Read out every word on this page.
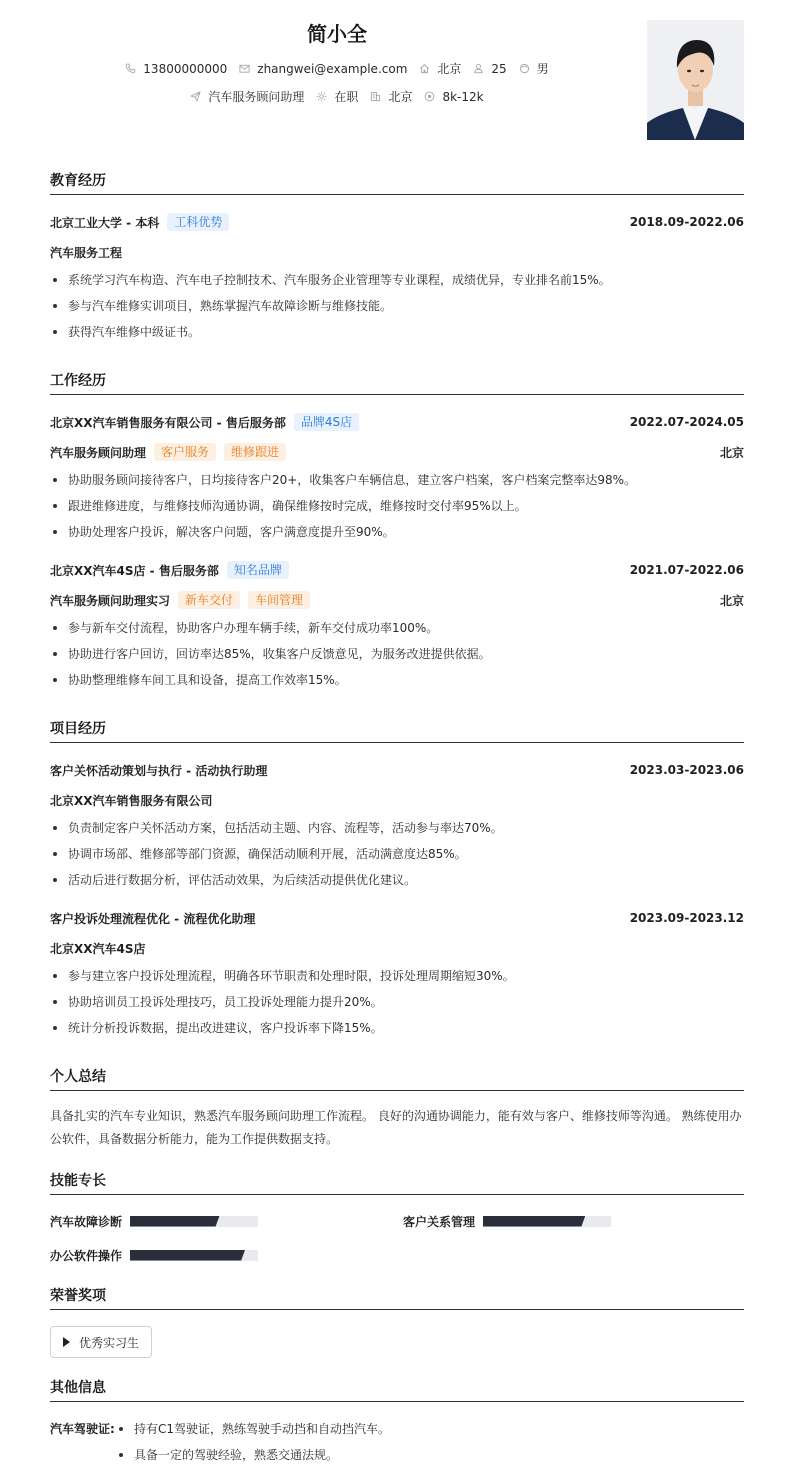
简小全
13800000000	zhangwei@example.com	北京	25	男
汽车服务顾问助理	在职	北京	8k-12k
教育经历
北京工业大学 - 本科	工科优势	2018.09-2022.06
汽车服务工程
系统学习汽车构造、汽车电子控制技术、汽车服务企业管理等专业课程，成绩优异，专业排名前15%。
参与汽车维修实训项目，熟练掌握汽车故障诊断与维修技能。
获得汽车维修中级证书。
工作经历
北京XX汽车销售服务有限公司 - 售后服务部	品牌4S店	2022.07-2024.05
汽车服务顾问助理	客户服务	维修跟进	北京
协助服务顾问接待客户，日均接待客户20+，收集客户车辆信息，建立客户档案，客户档案完整率达98%。
跟进维修进度，与维修技师沟通协调，确保维修按时完成，维修按时交付率95%以上。
协助处理客户投诉，解决客户问题，客户满意度提升至90%。
北京XX汽车4S店 - 售后服务部	知名品牌	2021.07-2022.06
汽车服务顾问助理实习	新车交付	车间管理	北京
参与新车交付流程，协助客户办理车辆手续，新车交付成功率100%。
协助进行客户回访，回访率达85%，收集客户反馈意见，为服务改进提供依据。
协助整理维修车间工具和设备，提高工作效率15%。
项目经历
客户关怀活动策划与执行 - 活动执行助理	2023.03-2023.06
北京XX汽车销售服务有限公司
负责制定客户关怀活动方案，包括活动主题、内容、流程等，活动参与率达70%。
协调市场部、维修部等部门资源，确保活动顺利开展，活动满意度达85%。
活动后进行数据分析，评估活动效果，为后续活动提供优化建议。
客户投诉处理流程优化 - 流程优化助理	2023.09-2023.12
北京XX汽车4S店
参与建立客户投诉处理流程，明确各环节职责和处理时限，投诉处理周期缩短30%。
协助培训员工投诉处理技巧，员工投诉处理能力提升20%。
统计分析投诉数据，提出改进建议，客户投诉率下降15%。
个人总结
具备扎实的汽车专业知识，熟悉汽车服务顾问助理工作流程。 良好的沟通协调能力，能有效与客户、维修技师等沟通。 熟练使用办公软件，具备数据分析能力，能为工作提供数据支持。
技能专长
汽车故障诊断	客户关系管理
办公软件操作
荣誉奖项
优秀实习生
其他信息
汽车驾驶证:	持有C1驾驶证，熟练驾驶手动挡和自动挡汽车。
具备一定的驾驶经验，熟悉交通法规。
